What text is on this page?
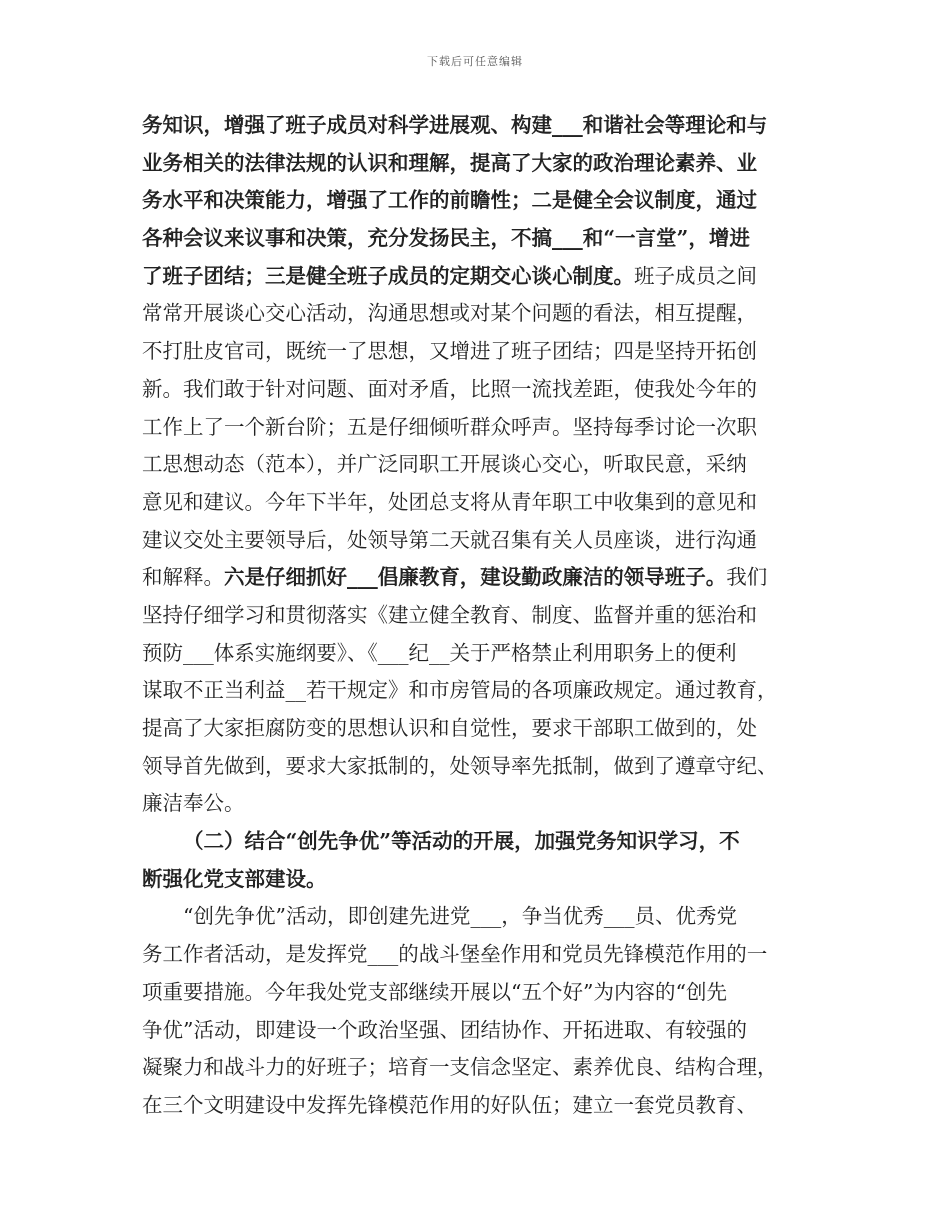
下载后可任意编辑
务知识，增强了班子成员对科学进展观、构建___和谐社会等理论和与
业务相关的法律法规的认识和理解，提高了大家的政治理论素养、业
务水平和决策能力，增强了工作的前瞻性；二是健全会议制度，通过
各种会议来议事和决策，充分发扬民主，不搞___和“一言堂”，增进
了班子团结；三是健全班子成员的定期交心谈心制度。班子成员之间
常常开展谈心交心活动，沟通思想或对某个问题的看法，相互提醒，
不打肚皮官司，既统一了思想，又增进了班子团结；四是坚持开拓创
新。我们敢于针对问题、面对矛盾，比照一流找差距，使我处今年的
工作上了一个新台阶；五是仔细倾听群众呼声。坚持每季讨论一次职
工思想动态（范本），并广泛同职工开展谈心交心，听取民意，采纳
意见和建议。今年下半年，处团总支将从青年职工中收集到的意见和
建议交处主要领导后，处领导第二天就召集有关人员座谈，进行沟通
和解释。六是仔细抓好___倡廉教育，建设勤政廉洁的领导班子。我们
坚持仔细学习和贯彻落实《建立健全教育、制度、监督并重的惩治和
预防___体系实施纲要》、《___纪__关于严格禁止利用职务上的便利
谋取不正当利益__若干规定》和市房管局的各项廉政规定。通过教育，
提高了大家拒腐防变的思想认识和自觉性，要求干部职工做到的，处
领导首先做到，要求大家抵制的，处领导率先抵制，做到了遵章守纪、
廉洁奉公。
（二）结合“创先争优”等活动的开展，加强党务知识学习，不
断强化党支部建设。
“创先争优”活动，即创建先进党___，争当优秀___员、优秀党
务工作者活动，是发挥党___的战斗堡垒作用和党员先锋模范作用的一
项重要措施。今年我处党支部继续开展以“五个好”为内容的“创先
争优”活动，即建设一个政治坚强、团结协作、开拓进取、有较强的
凝聚力和战斗力的好班子；培育一支信念坚定、素养优良、结构合理，
在三个文明建设中发挥先锋模范作用的好队伍；建立一套党员教育、
